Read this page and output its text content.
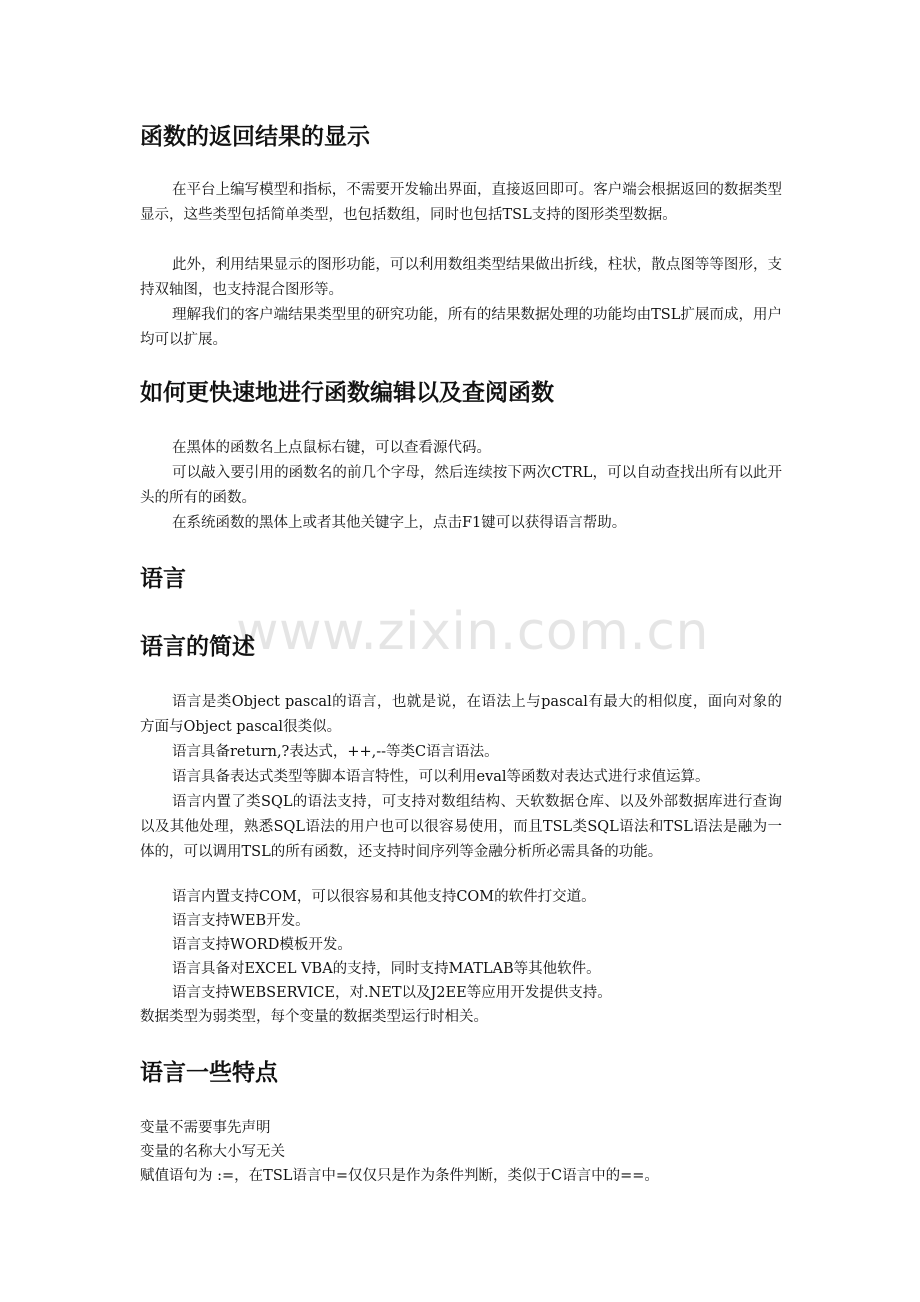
www.zixin.com.cn
函数的返回结果的显示

在平台上编写模型和指标，不需要开发输出界面，直接返回即可。客户端会根据返回的数据类型显示，这些类型包括简单类型，也包括数组，同时也包括TSL支持的图形类型数据。

此外，利用结果显示的图形功能，可以利用数组类型结果做出折线，柱状，散点图等等图形，支持双轴图，也支持混合图形等。

理解我们的客户端结果类型里的研究功能，所有的结果数据处理的功能均由TSL扩展而成，用户均可以扩展。

如何更快速地进行函数编辑以及查阅函数

在黑体的函数名上点鼠标右键，可以查看源代码。

可以敲入要引用的函数名的前几个字母，然后连续按下两次CTRL，可以自动查找出所有以此开头的所有的函数。

在系统函数的黑体上或者其他关键字上，点击F1键可以获得语言帮助。

语言
语言的简述

语言是类Object pascal的语言，也就是说，在语法上与pascal有最大的相似度，面向对象的方面与Object pascal很类似。

语言具备return,?表达式，++,--等类C语言语法。

语言具备表达式类型等脚本语言特性，可以利用eval等函数对表达式进行求值运算。

语言内置了类SQL的语法支持，可支持对数组结构、天软数据仓库、以及外部数据库进行查询以及其他处理，熟悉SQL语法的用户也可以很容易使用，而且TSL类SQL语法和TSL语法是融为一体的，可以调用TSL的所有函数，还支持时间序列等金融分析所必需具备的功能。

语言内置支持COM，可以很容易和其他支持COM的软件打交道。

语言支持WEB开发。

语言支持WORD模板开发。

语言具备对EXCEL VBA的支持，同时支持MATLAB等其他软件。

语言支持WEBSERVICE，对.NET以及J2EE等应用开发提供支持。

数据类型为弱类型，每个变量的数据类型运行时相关。

语言一些特点

变量不需要事先声明

变量的名称大小写无关

赋值语句为 :=，在TSL语言中=仅仅只是作为条件判断，类似于C语言中的==。
